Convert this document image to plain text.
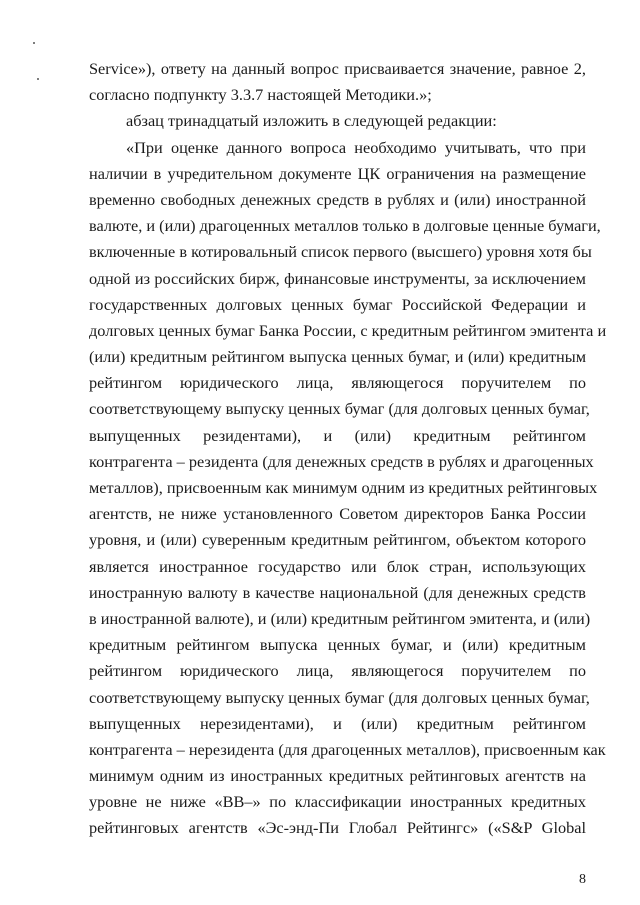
Service»), ответу на данный вопрос присваивается значение, равное 2,
согласно подпункту 3.3.7 настоящей Методики.»;
абзац тринадцатый изложить в следующей редакции:
«При оценке данного вопроса необходимо учитывать, что при
наличии в учредительном документе ЦК ограничения на размещение
временно свободных денежных средств в рублях и (или) иностранной
валюте, и (или) драгоценных металлов только в долговые ценные бумаги,
включенные в котировальный список первого (высшего) уровня хотя бы
одной из российских бирж, финансовые инструменты, за исключением
государственных долговых ценных бумаг Российской Федерации и
долговых ценных бумаг Банка России, с кредитным рейтингом эмитента и
(или) кредитным рейтингом выпуска ценных бумаг, и (или) кредитным
рейтингом юридического лица, являющегося поручителем по
соответствующему выпуску ценных бумаг (для долговых ценных бумаг,
выпущенных резидентами), и (или) кредитным рейтингом
контрагента – резидента (для денежных средств в рублях и драгоценных
металлов), присвоенным как минимум одним из кредитных рейтинговых
агентств, не ниже установленного Советом директоров Банка России
уровня, и (или) суверенным кредитным рейтингом, объектом которого
является иностранное государство или блок стран, использующих
иностранную валюту в качестве национальной (для денежных средств
в иностранной валюте), и (или) кредитным рейтингом эмитента, и (или)
кредитным рейтингом выпуска ценных бумаг, и (или) кредитным
рейтингом юридического лица, являющегося поручителем по
соответствующему выпуску ценных бумаг (для долговых ценных бумаг,
выпущенных нерезидентами), и (или) кредитным рейтингом
контрагента – нерезидента (для драгоценных металлов), присвоенным как
минимум одним из иностранных кредитных рейтинговых агентств на
уровне не ниже «ВВ–» по классификации иностранных кредитных
рейтинговых агентств «Эс-энд-Пи Глобал Рейтингс» («S&P Global
8
